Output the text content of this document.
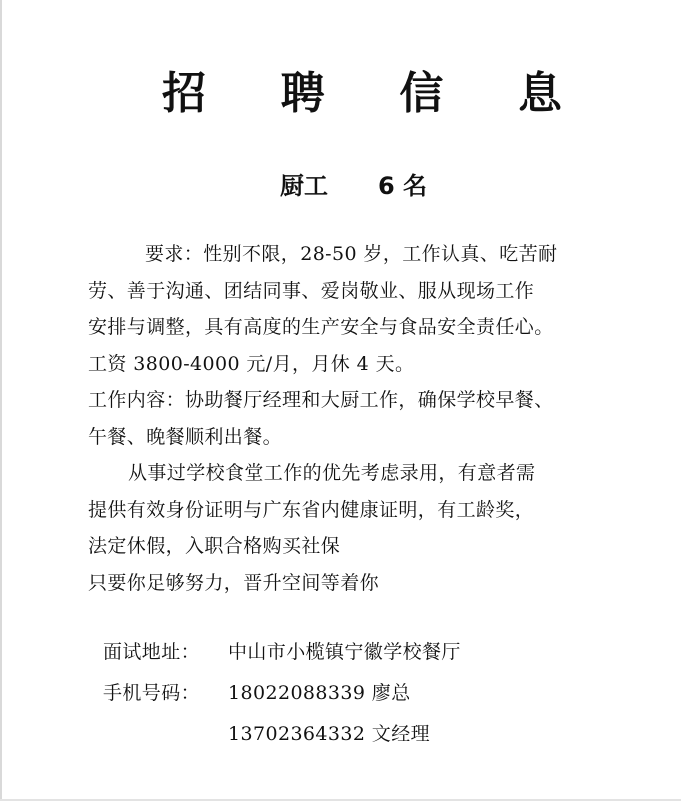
招 聘 信 息
厨工 6 名
要求：性别不限，28-50 岁，工作认真、吃苦耐
劳、善于沟通、团结同事、爱岗敬业、服从现场工作
安排与调整，具有高度的生产安全与食品安全责任心。
工资 3800-4000 元/月，月休 4 天。
工作内容：协助餐厅经理和大厨工作，确保学校早餐、
午餐、晚餐顺利出餐。
从事过学校食堂工作的优先考虑录用，有意者需
提供有效身份证明与广东省内健康证明，有工龄奖，
法定休假，入职合格购买社保
只要你足够努力，晋升空间等着你
面试地址： 中山市小榄镇宁徽学校餐厅
手机号码： 18022088339 廖总
13702364332 文经理
